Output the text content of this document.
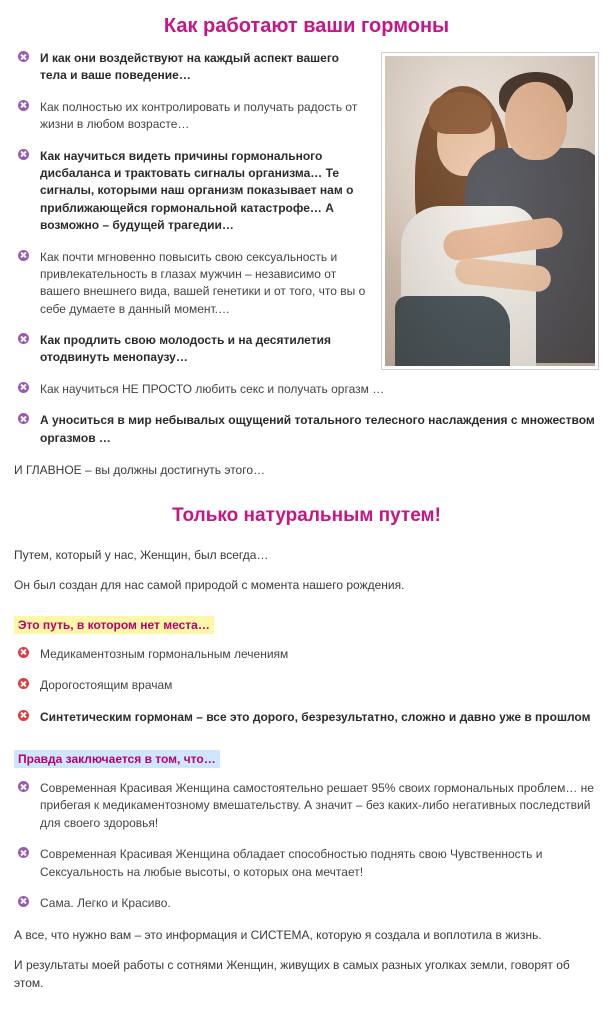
Как работают ваши гормоны
И как они воздействуют на каждый аспект вашего тела и ваше поведение…
Как полностью их контролировать и получать радость от жизни в любом возрасте…
Как научиться видеть причины гормонального дисбаланса и трактовать сигналы организма… Те сигналы, которыми наш организм показывает нам о приближающейся гормональной катастрофе… А возможно – будущей трагедии…
Как почти мгновенно повысить свою сексуальность и привлекательность в глазах мужчин – независимо от вашего внешнего вида, вашей генетики и от того, что вы о себе думаете в данный момент.…
Как продлить свою молодость и на десятилетия отодвинуть менопаузу…
Как научиться НЕ ПРОСТО любить секс и получать оргазм …
А уноситься в мир небывалых ощущений тотального телесного наслаждения с множеством оргазмов …

И ГЛАВНОЕ – вы должны достигнуть этого…

Только натуральным путем!

Путем, который у нас, Женщин, был всегда…

Он был создан для нас самой природой с момента нашего рождения.

Это путь, в котором нет места…
Медикаментозным гормональным лечениям
Дорогостоящим врачам
Синтетическим гормонам – все это дорого, безрезультатно, сложно и давно уже в прошлом
Правда заключается в том, что…
Современная Красивая Женщина самостоятельно решает 95% своих гормональных проблем… не прибегая к медикаментозному вмешательству. А значит – без каких-либо негативных последствий для своего здоровья!
Современная Красивая Женщина обладает способностью поднять свою Чувственность и Сексуальность на любые высоты, о которых она мечтает!
Сама. Легко и Красиво.

А все, что нужно вам – это информация и СИСТЕМА, которую я создала и воплотила в жизнь.

И результаты моей работы с сотнями Женщин, живущих в самых разных уголках земли, говорят об этом.
